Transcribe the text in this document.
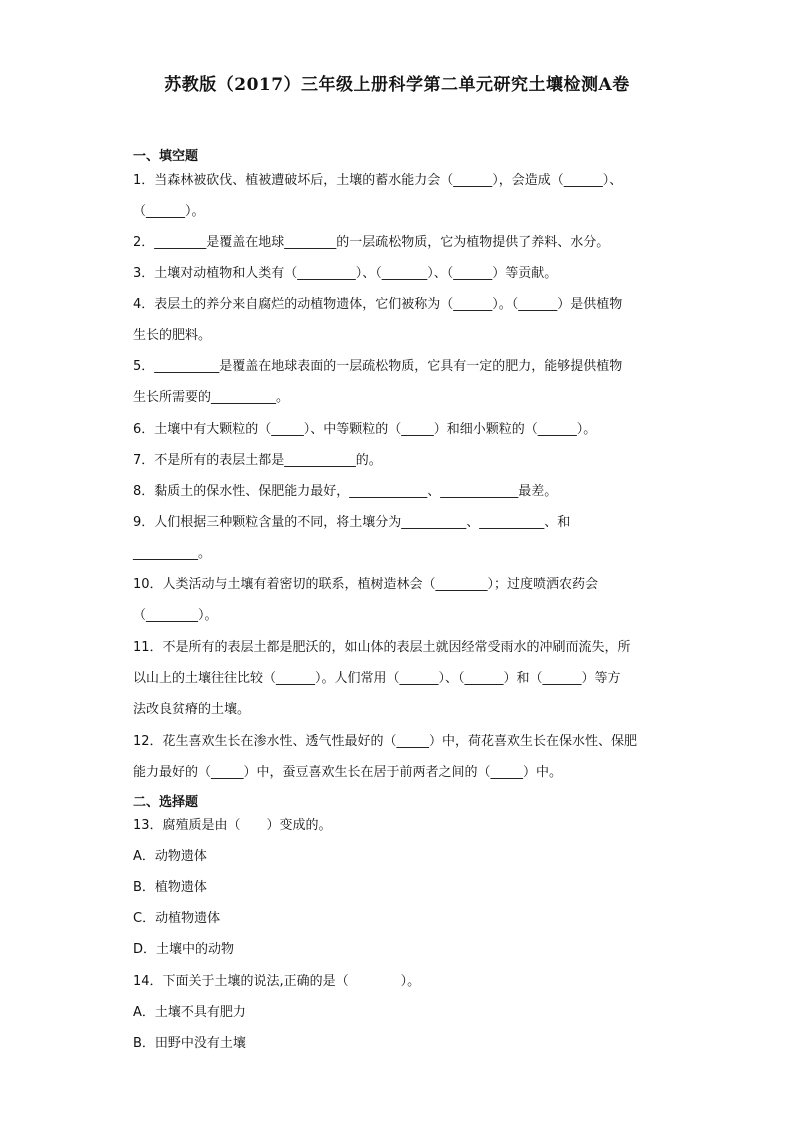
苏教版（2017）三年级上册科学第二单元研究土壤检测A卷
一、填空题
1．当森林被砍伐、植被遭破坏后，土壤的蓄水能力会（______），会造成（______）、
（______）。
2．________是覆盖在地球________的一层疏松物质，它为植物提供了养料、水分。
3．土壤对动植物和人类有（_________）、（_______）、（______）等贡献。
4．表层土的养分来自腐烂的动植物遗体，它们被称为（______）。（______）是供植物
生长的肥料。
5．__________是覆盖在地球表面的一层疏松物质，它具有一定的肥力，能够提供植物
生长所需要的__________。
6．土壤中有大颗粒的（_____）、中等颗粒的（_____）和细小颗粒的（______）。
7．不是所有的表层土都是___________的。
8．黏质土的保水性、保肥能力最好，____________、____________最差。
9．人们根据三种颗粒含量的不同，将土壤分为__________、__________、和
__________。
10．人类活动与土壤有着密切的联系，植树造林会（________）；过度喷洒农药会
（________）。
11．不是所有的表层土都是肥沃的，如山体的表层土就因经常受雨水的冲刷而流失，所
以山上的土壤往往比较（______）。人们常用（______）、（______）和（______）等方
法改良贫瘠的土壤。
12．花生喜欢生长在渗水性、透气性最好的（_____）中，荷花喜欢生长在保水性、保肥
能力最好的（_____）中，蚕豆喜欢生长在居于前两者之间的（_____）中。
二、选择题
13．腐殖质是由（　　）变成的。
A．动物遗体
B．植物遗体
C．动植物遗体
D．土壤中的动物
14．下面关于土壤的说法,正确的是（　　　　）。
A．土壤不具有肥力
B．田野中没有土壤
